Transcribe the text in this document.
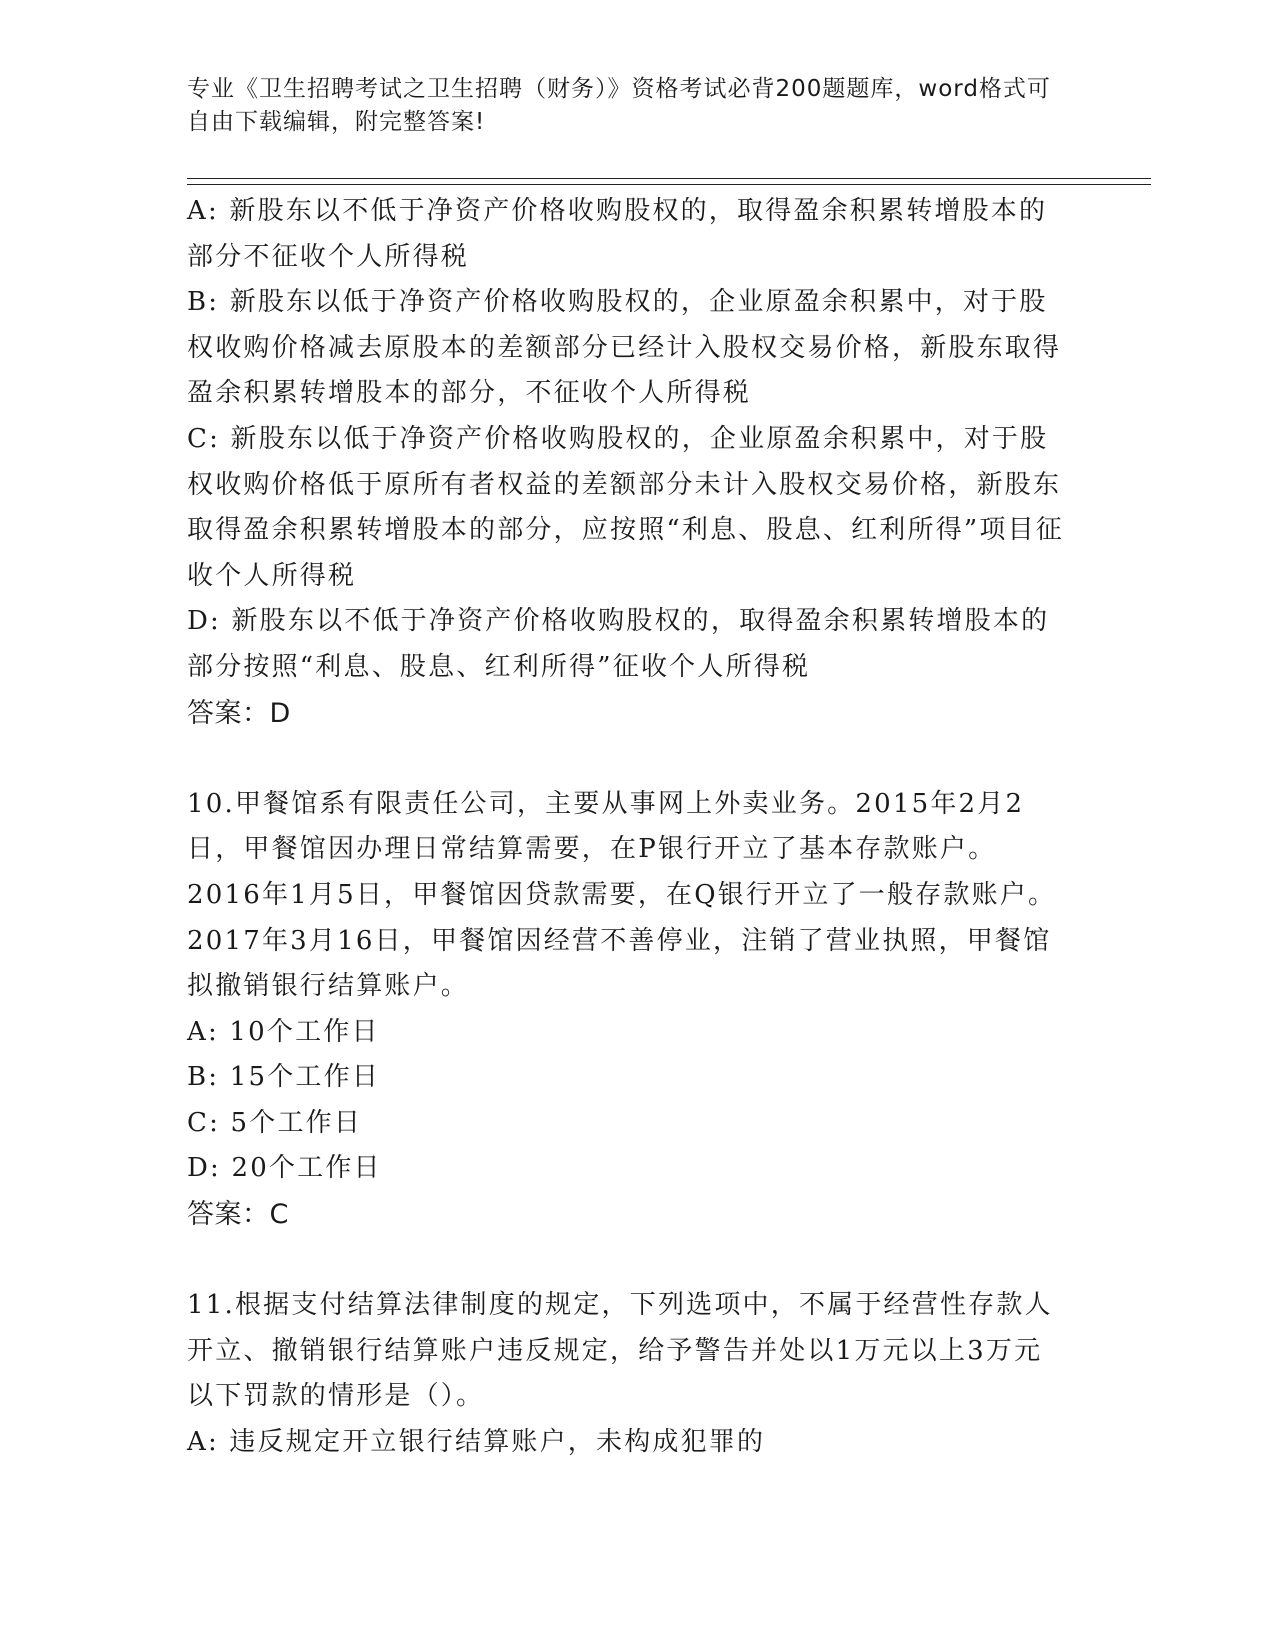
专业《卫生招聘考试之卫生招聘（财务）》资格考试必背200题题库，word格式可自由下载编辑，附完整答案!

A: 新股东以不低于净资产价格收购股权的，取得盈余积累转增股本的部分不征收个人所得税

B: 新股东以低于净资产价格收购股权的，企业原盈余积累中，对于股权收购价格减去原股本的差额部分已经计入股权交易价格，新股东取得盈余积累转增股本的部分，不征收个人所得税

C: 新股东以低于净资产价格收购股权的，企业原盈余积累中，对于股权收购价格低于原所有者权益的差额部分未计入股权交易价格，新股东取得盈余积累转增股本的部分，应按照“利息、股息、红利所得”项目征收个人所得税

D: 新股东以不低于净资产价格收购股权的，取得盈余积累转增股本的部分按照“利息、股息、红利所得”征收个人所得税

答案：D

10.甲餐馆系有限责任公司，主要从事网上外卖业务。2015年2月2日，甲餐馆因办理日常结算需要，在P银行开立了基本存款账户。2016年1月5日，甲餐馆因贷款需要，在Q银行开立了一般存款账户。2017年3月16日，甲餐馆因经营不善停业，注销了营业执照，甲餐馆拟撤销银行结算账户。

A: 10个工作日

B: 15个工作日

C: 5个工作日

D: 20个工作日

答案：C

11.根据支付结算法律制度的规定，下列选项中，不属于经营性存款人开立、撤销银行结算账户违反规定，给予警告并处以1万元以上3万元以下罚款的情形是（）。

A: 违反规定开立银行结算账户，未构成犯罪的
